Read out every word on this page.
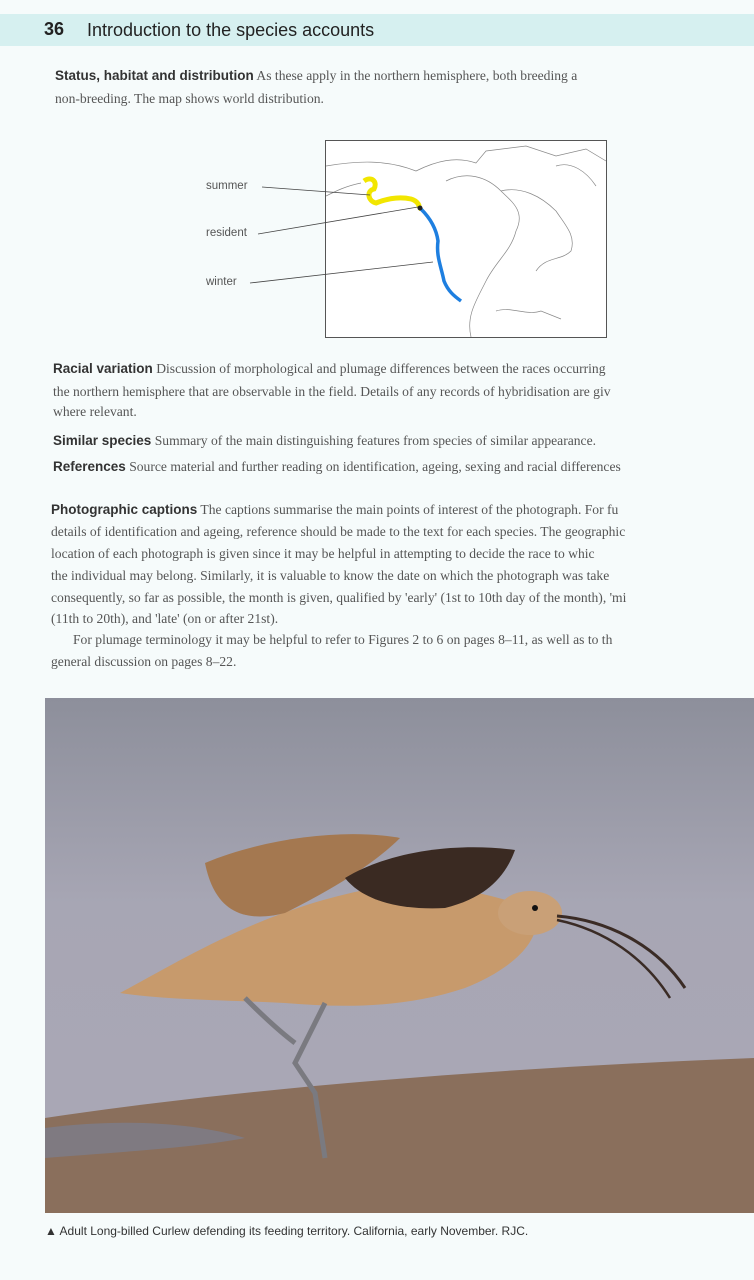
36 Introduction to the species accounts
Status, habitat and distribution As these apply in the northern hemisphere, both breeding a
non-breeding. The map shows world distribution.
summer
resident
winter
Racial variation Discussion of morphological and plumage differences between the races occurring
the northern hemisphere that are observable in the field. Details of any records of hybridisation are giv
where relevant.
Similar species Summary of the main distinguishing features from species of similar appearance.
References Source material and further reading on identification, ageing, sexing and racial differences
Photographic captions The captions summarise the main points of interest of the photograph. For fu
details of identification and ageing, reference should be made to the text for each species. The geographic
location of each photograph is given since it may be helpful in attempting to decide the race to whic
the individual may belong. Similarly, it is valuable to know the date on which the photograph was take
consequently, so far as possible, the month is given, qualified by 'early' (1st to 10th day of the month), 'mi
(11th to 20th), and 'late' (on or after 21st).
For plumage terminology it may be helpful to refer to Figures 2 to 6 on pages 8–11, as well as to th
general discussion on pages 8–22.
▲ Adult Long-billed Curlew defending its feeding territory. California, early November. RJC.
